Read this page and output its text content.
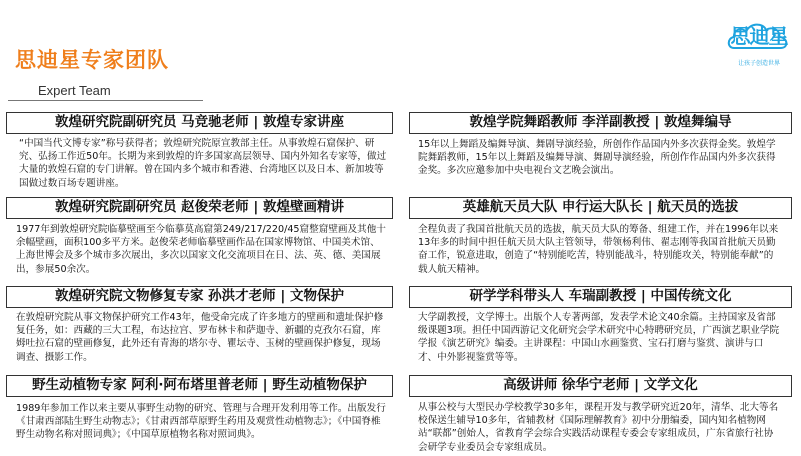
思迪星专家团队
Expert Team
思迪星
让孩子创造世界
敦煌研究院副研究员 马竞驰老师 | 敦煌专家讲座
“中国当代文博专家”称号获得者；敦煌研究院原宣教部主任。从事敦煌石窟保护、研究、弘扬工作近50年。长期为来到敦煌的许多国家高层领导、国内外知名专家等，做过大量的敦煌石窟的专门讲解。曾在国内多个城市和香港、台湾地区以及日本、新加坡等国做过数百场专题讲座。
敦煌研究院副研究员 赵俊荣老师 | 敦煌壁画精讲
1977年到敦煌研究院临摹壁画至今临摹莫高窟第249/217/220/45窟整窟壁画及其他十余幅壁画，面积100多平方米。赵俊荣老师临摹壁画作品在国家博物馆、中国美术馆、上海世博会及多个城市多次展出，多次以国家文化交流项目在日、法、英、德、美国展出，参展50余次。
敦煌研究院文物修复专家 孙洪才老师 | 文物保护
在敦煌研究院从事文物保护研究工作43年，他受命完成了许多地方的壁画和遗址保护修复任务，如：西藏的三大工程，布达拉宫、罗布林卡和萨迦寺、新疆的克孜尔石窟，库姆吐拉石窟的壁画修复，此外还有青海的塔尔寺、瞿坛寺、玉树的壁画保护修复，现场调查、摄影工作。
野生动植物专家 阿利·阿布塔里普老师 | 野生动植物保护
1989年参加工作以来主要从事野生动物的研究、管理与合理开发利用等工作。出版发行《甘肃西部陆生野生动物志》；《甘肃西部草原野生药用及观赏性动植物志》；《中国脊椎野生动物名称对照词典》；《中国草原植物名称对照词典》。
敦煌学院舞蹈教师 李洋副教授 | 敦煌舞编导
15年以上舞蹈及编舞导演、舞剧导演经验，所创作作品国内外多次获得金奖。敦煌学院舞蹈教师，15年以上舞蹈及编舞导演、舞剧导演经验，所创作作品国内外多次获得金奖。多次应邀参加中央电视台文艺晚会演出。
英雄航天员大队 申行运大队长 | 航天员的选拔
全程负责了我国首批航天员的选拔，航天员大队的筹备、组建工作，并在1996年以来13年多的时间中担任航天员大队主管领导，带领杨利伟、翟志刚等我国首批航天员勤奋工作，锐意进取，创造了“特别能吃苦，特别能战斗，特别能攻关，特别能奉献”的载人航天精神。
研学学科带头人 车瑞副教授 | 中国传统文化
大学副教授，文学博士。出版个人专著两部，发表学术论文40余篇。主持国家及省部级课题3项。担任中国西游记文化研究会学术研究中心特聘研究员，广西演艺职业学院学报《演艺研究》编委。主讲课程：中国山水画鉴赏、宝石打磨与鉴赏、演讲与口才、中外影视鉴赏等等。
高级讲师 徐华宁老师 | 文学文化
从事公校与大型民办学校教学30多年，课程开发与教学研究近20年，清华、北大等名校保送生辅导10多年，省辅教材《国际理解教育》初中分册编委，国内知名植物网站“联都”创始人，省教育学会综合实践活动课程专委会专家组成员，广东省旅行社协会研学专业委员会专家组成员。
